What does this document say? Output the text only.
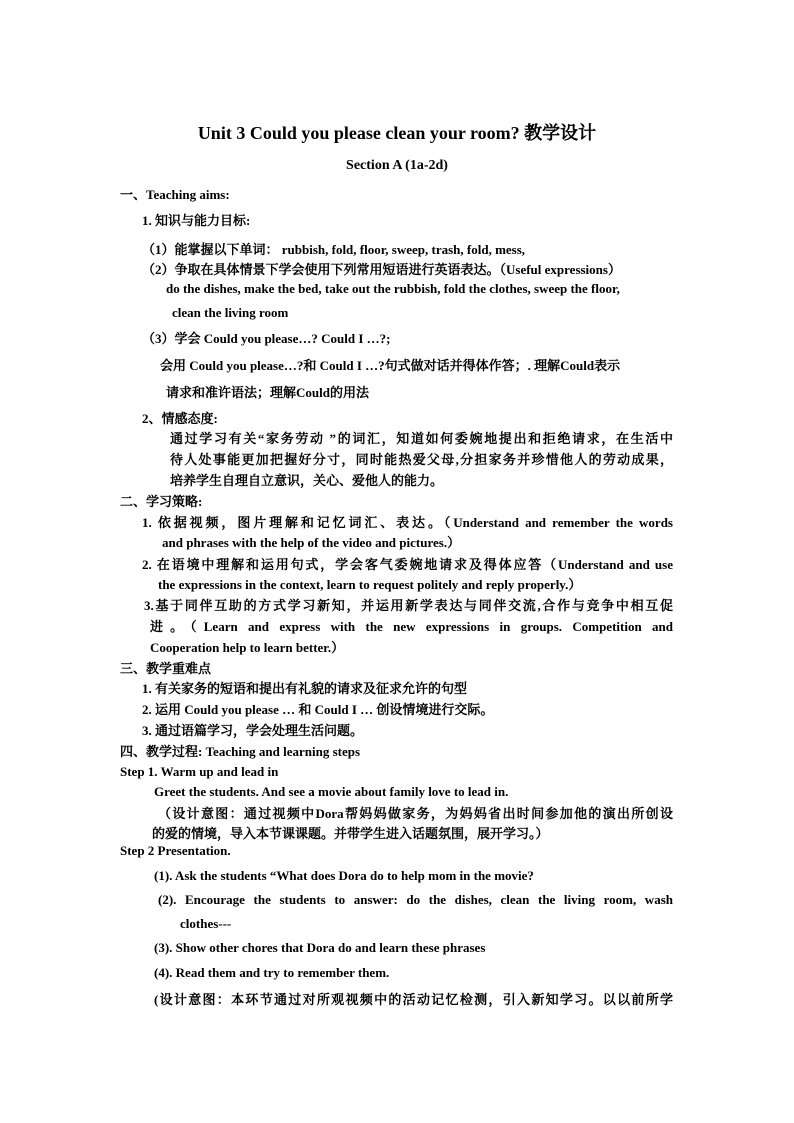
Unit 3 Could you please clean your room? 教学设计
Section A (1a-2d)
一、Teaching aims:
1. 知识与能力目标:
（1）能掌握以下单词： rubbish, fold, floor, sweep, trash, fold, mess,
（2）争取在具体情景下学会使用下列常用短语进行英语表达。（Useful expressions）
do the dishes, make the bed, take out the rubbish, fold the clothes, sweep the floor,
clean the living room
（3）学会 Could you please…? Could I …?;
会用 Could you please…?和 Could I …?句式做对话并得体作答；. 理解Could表示
请求和准许语法；理解Could的用法
2、情感态度:
通过学习有关“家务劳动 ”的词汇，知道如何委婉地提出和拒绝请求，在生活中
待人处事能更加把握好分寸，同时能热爱父母,分担家务并珍惜他人的劳动成果，
培养学生自理自立意识，关心、爱他人的能力。
二、学习策略:
1. 依据视频，图片理解和记忆词汇、表达。（Understand and remember the words
and phrases with the help of the video and pictures.）
2. 在语境中理解和运用句式，学会客气委婉地请求及得体应答（Understand and use
the expressions in the context, learn to request politely and reply properly.）
3.基于同伴互助的方式学习新知，并运用新学表达与同伴交流,合作与竞争中相互促
进。（Learn and express with the new expressions in groups. Competition and
Cooperation help to learn better.）
三、教学重难点
1. 有关家务的短语和提出有礼貌的请求及征求允许的句型
2. 运用 Could you please … 和 Could I … 创设情境进行交际。
3. 通过语篇学习，学会处理生活问题。
四、教学过程: Teaching and learning steps
Step 1. Warm up and lead in
Greet the students. And see a movie about family love to lead in.
（设计意图：通过视频中Dora帮妈妈做家务，为妈妈省出时间参加他的演出所创设
的爱的情境，导入本节课课题。并带学生进入话题氛围，展开学习。）
Step 2 Presentation.
(1). Ask the students “What does Dora do to help mom in the movie?
(2). Encourage the students to answer: do the dishes, clean the living room, wash
clothes---
(3). Show other chores that Dora do and learn these phrases
(4). Read them and try to remember them.
(设计意图：本环节通过对所观视频中的活动记忆检测，引入新知学习。以以前所学
